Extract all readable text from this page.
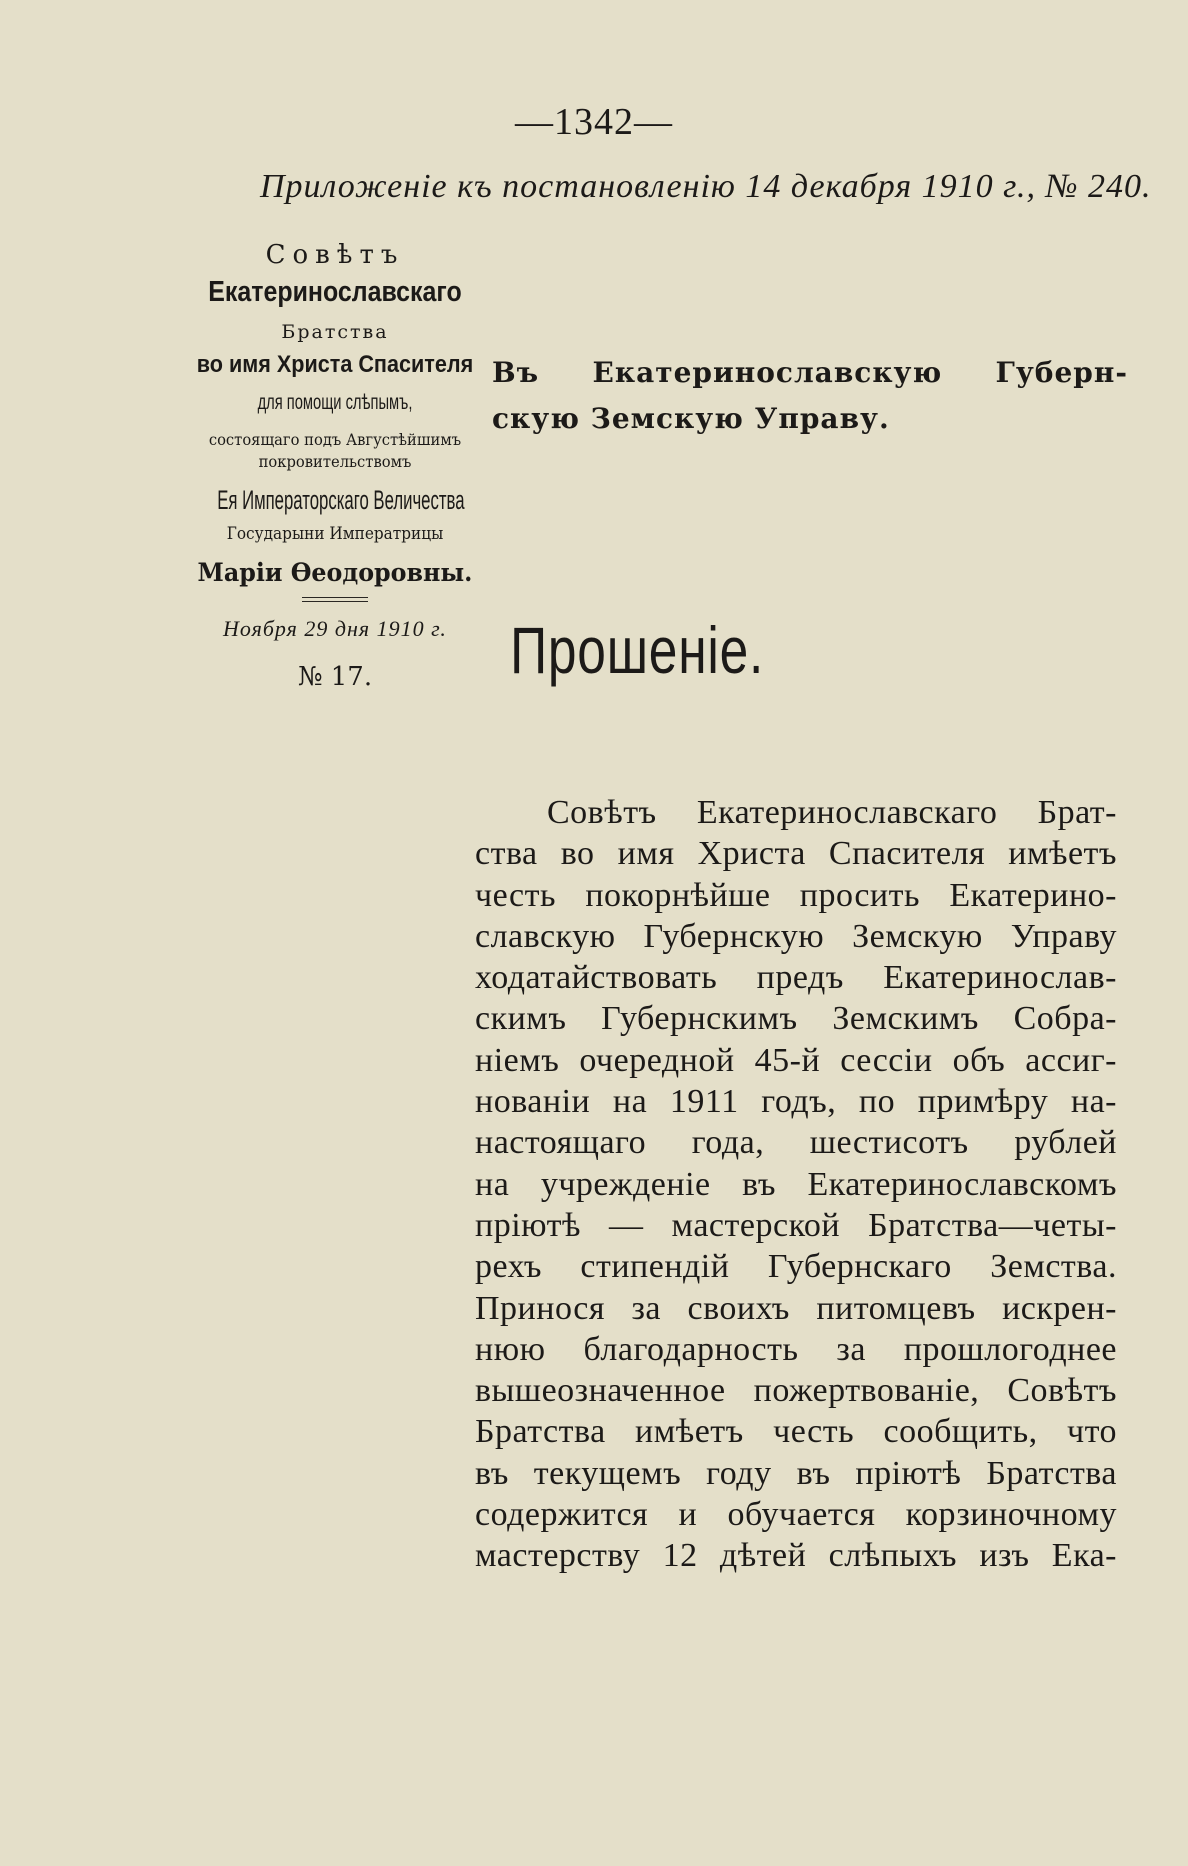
—1342—
Приложеніе къ постановленію 14 декабря 1910 г., № 240.
Совѣтъ
Екатеринославскаго
Братства
во имя Христа Спасителя
для помощи слѣпымъ,
состоящаго подъ Августѣйшимъ
покровительствомъ
Ея Императорскаго Величества
Государыни Императрицы
Маріи Ѳеодоровны.
Ноября 29 дня 1910 г.
№ 17.
Въ Екатеринославскую Губерн-
скую Земскую Управу.
Прошеніе.
Совѣтъ Екатеринославскаго Брат-
ства во имя Христа Спасителя имѣетъ
честь покорнѣйше просить Екатерино-
славскую Губернскую Земскую Управу
ходатайствовать предъ Екатеринослав-
скимъ Губернскимъ Земскимъ Собра-
ніемъ очередной 45-й сессіи объ ассиг-
нованіи на 1911 годъ, по примѣру на-
настоящаго года, шестисотъ рублей
на учрежденіе въ Екатеринославскомъ
пріютѣ — мастерской Братства—четы-
рехъ стипендій Губернскаго Земства.
Принося за своихъ питомцевъ искрен-
нюю благодарность за прошлогоднее
вышеозначенное пожертвованіе, Совѣтъ
Братства имѣетъ честь сообщить, что
въ текущемъ году въ пріютѣ Братства
содержится и обучается корзиночному
мастерству 12 дѣтей слѣпыхъ изъ Ека-
